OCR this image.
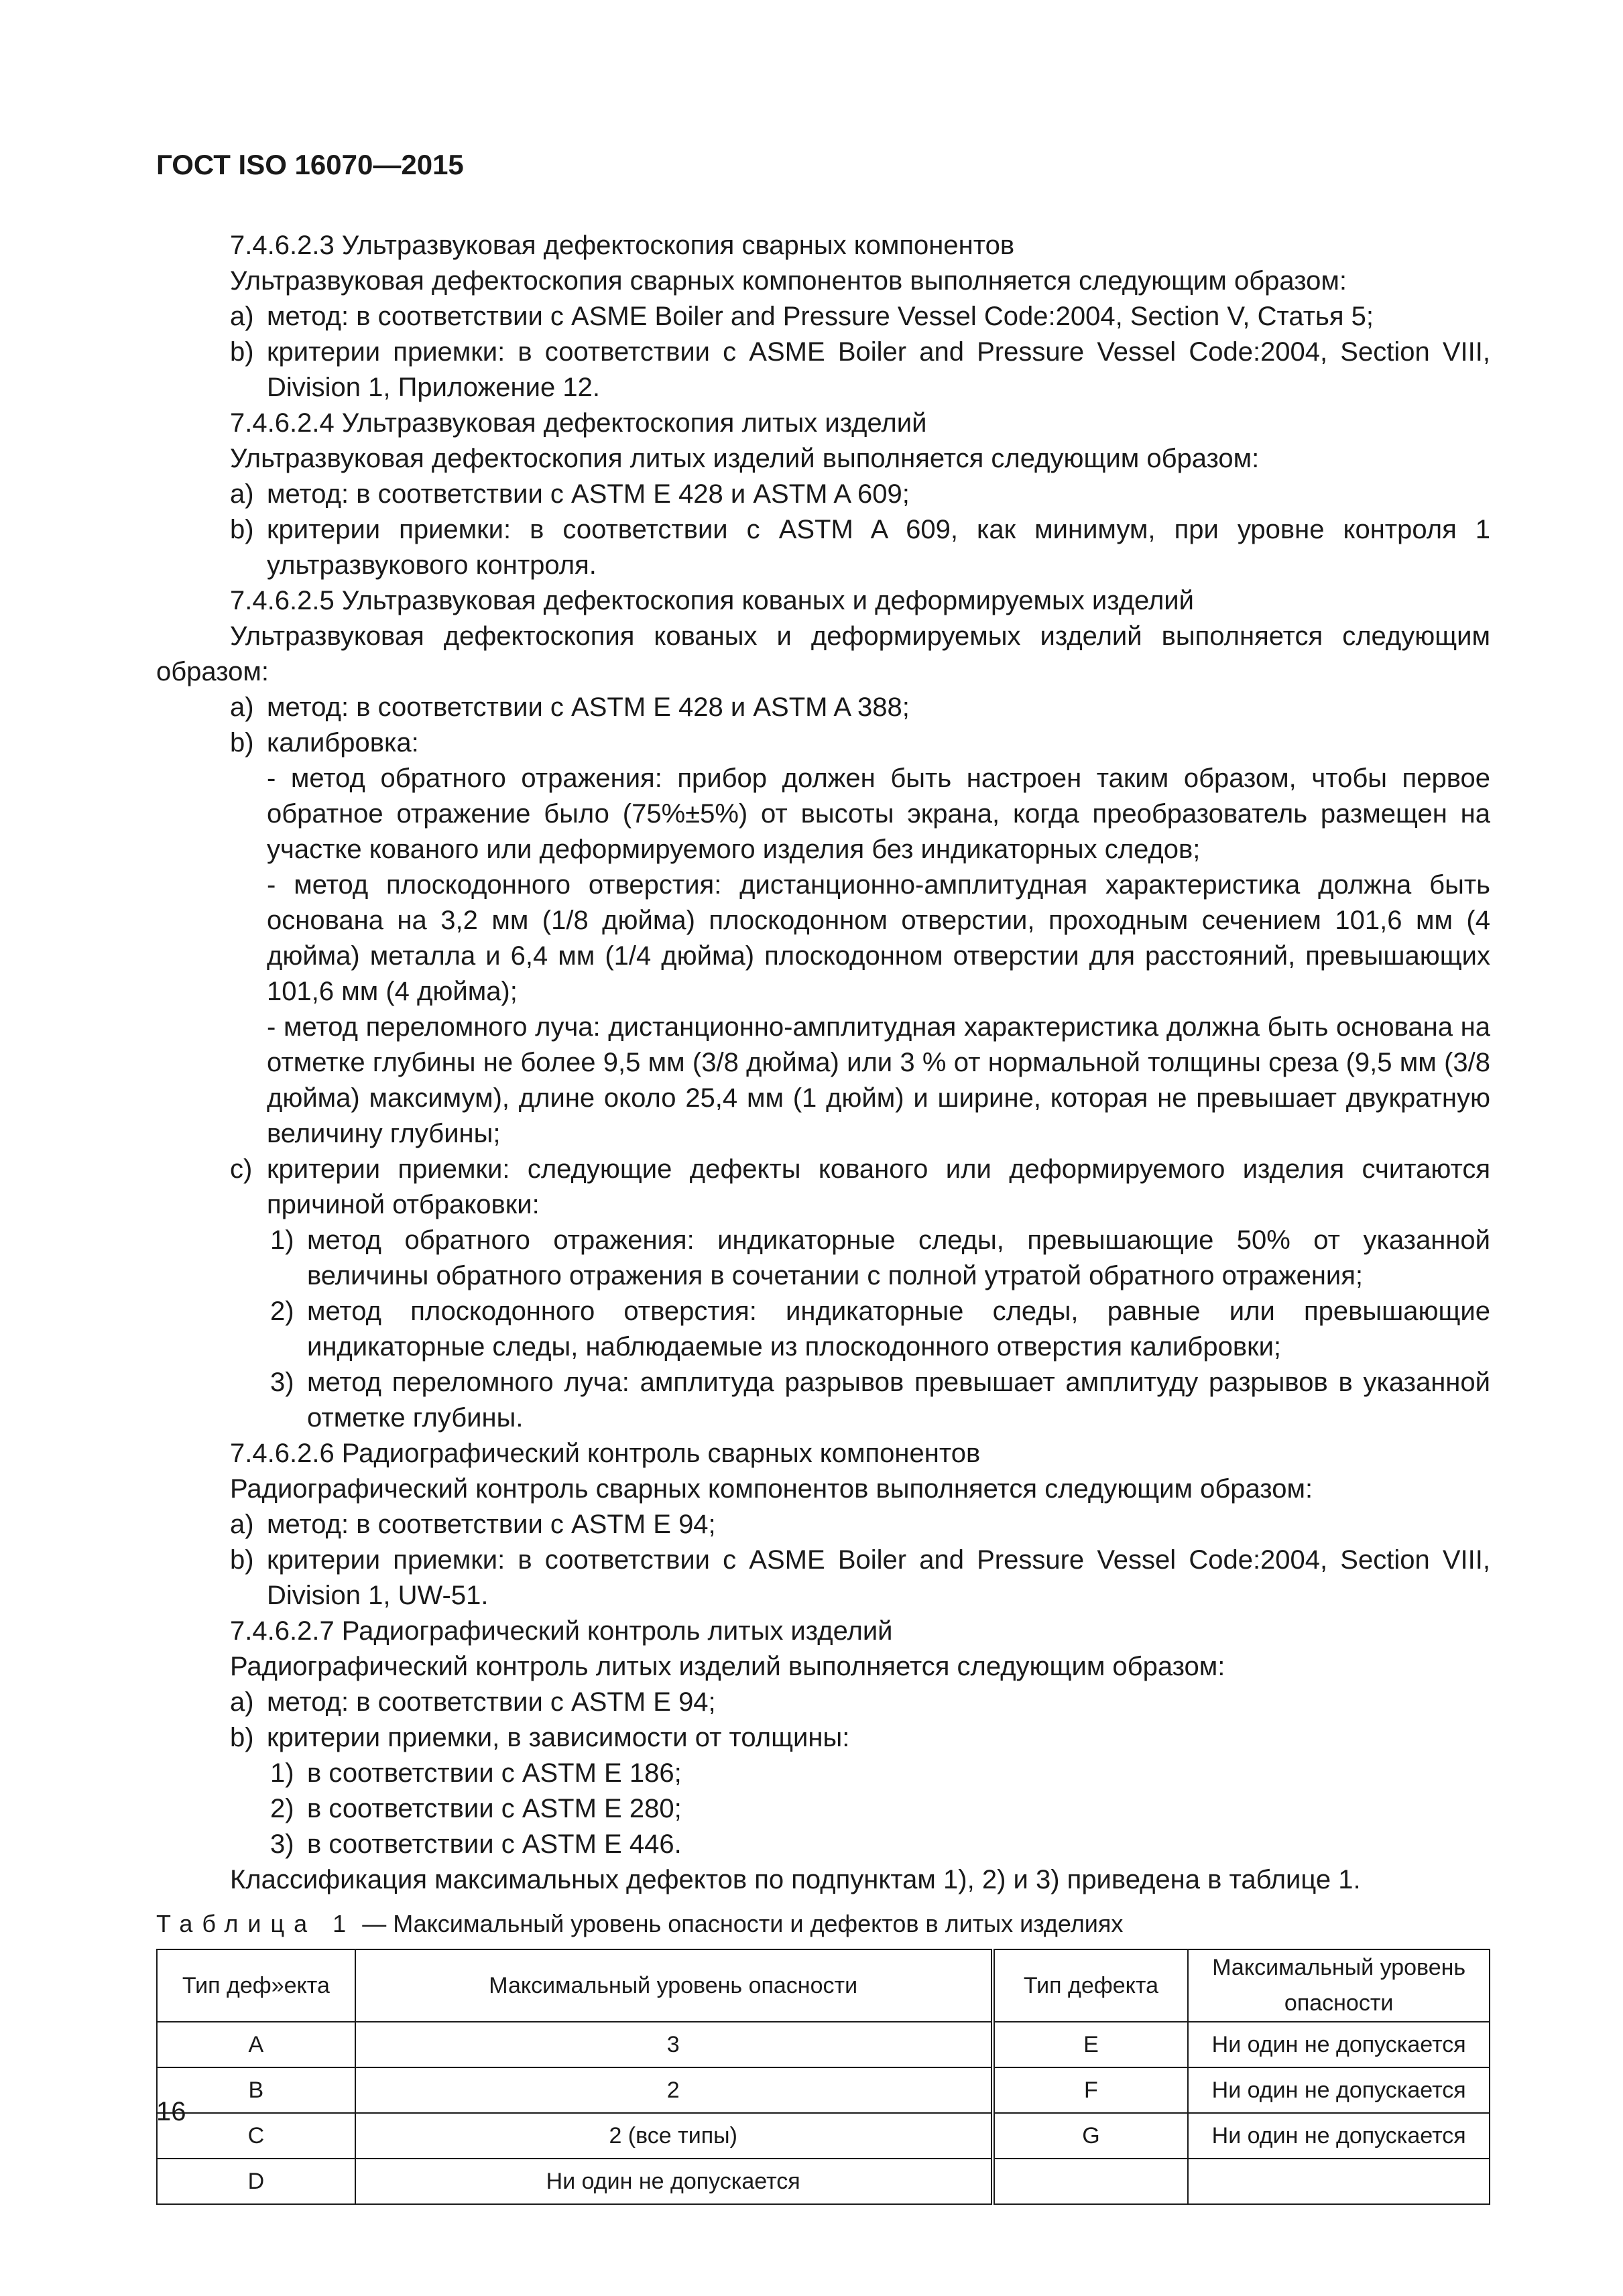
ГОСТ ISO 16070—2015
7.4.6.2.3 Ультразвуковая дефектоскопия сварных компонентов
Ультразвуковая дефектоскопия сварных компонентов выполняется следующим образом:
a) метод: в соответствии с ASME Boiler and Pressure Vessel Code:2004, Section V, Статья 5;
b) критерии приемки: в соответствии с ASME Boiler and Pressure Vessel Code:2004, Section VIII, Division 1, Приложение 12.
7.4.6.2.4 Ультразвуковая дефектоскопия литых изделий
Ультразвуковая дефектоскопия литых изделий выполняется следующим образом:
a) метод: в соответствии с ASTM E 428 и ASTM A 609;
b) критерии приемки: в соответствии с ASTM A 609, как минимум, при уровне контроля 1 ультразвукового контроля.
7.4.6.2.5 Ультразвуковая дефектоскопия кованых и деформируемых изделий
Ультразвуковая дефектоскопия кованых и деформируемых изделий выполняется следующим образом:
a) метод: в соответствии с ASTM E 428 и ASTM A 388;
b) калибровка:
- метод обратного отражения: прибор должен быть настроен таким образом, чтобы первое обратное отражение было (75%±5%) от высоты экрана, когда преобразователь размещен на участке кованого или деформируемого изделия без индикаторных следов;
- метод плоскодонного отверстия: дистанционно-амплитудная характеристика должна быть основана на 3,2 мм (1/8 дюйма) плоскодонном отверстии, проходным сечением 101,6 мм (4 дюйма) металла и 6,4 мм (1/4 дюйма) плоскодонном отверстии для расстояний, превышающих 101,6 мм (4 дюйма);
- метод переломного луча: дистанционно-амплитудная характеристика должна быть основана на отметке глубины не более 9,5 мм (3/8 дюйма) или 3 % от нормальной толщины среза (9,5 мм (3/8 дюйма) максимум), длине около 25,4 мм (1 дюйм) и ширине, которая не превышает двукратную величину глубины;
c) критерии приемки: следующие дефекты кованого или деформируемого изделия считаются причиной отбраковки:
1) метод обратного отражения: индикаторные следы, превышающие 50% от указанной величины обратного отражения в сочетании с полной утратой обратного отражения;
2) метод плоскодонного отверстия: индикаторные следы, равные или превышающие индикаторные следы, наблюдаемые из плоскодонного отверстия калибровки;
3) метод переломного луча: амплитуда разрывов превышает амплитуду разрывов в указанной отметке глубины.
7.4.6.2.6 Радиографический контроль сварных компонентов
Радиографический контроль сварных компонентов выполняется следующим образом:
a) метод: в соответствии с ASTM E 94;
b) критерии приемки: в соответствии с ASME Boiler and Pressure Vessel Code:2004, Section VIII, Division 1, UW-51.
7.4.6.2.7 Радиографический контроль литых изделий
Радиографический контроль литых изделий выполняется следующим образом:
a) метод: в соответствии с ASTM E 94;
b) критерии приемки, в зависимости от толщины:
1) в соответствии с ASTM E 186;
2) в соответствии с ASTM E 280;
3) в соответствии с ASTM E 446.
Классификация максимальных дефектов по подпунктам 1), 2) и 3) приведена в таблице 1.
Таблица 1 — Максимальный уровень опасности и дефектов в литых изделиях
Тип деф»екта	Максимальный уровень опасности	Тип дефекта	Максимальный уровень опасности
A	3	E	Ни один не допускается
B	2	F	Ни один не допускается
C	2 (все типы)	G	Ни один не допускается
D	Ни один не допускается		
16
